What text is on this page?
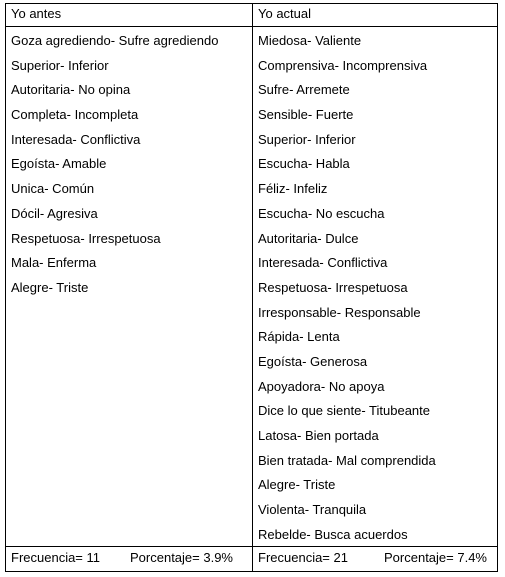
Yo antes	Yo actual
Goza agrediendo- Sufre agrediendo
Superior- Inferior
Autoritaria- No opina
Completa- Incompleta
Interesada- Conflictiva
Egoísta- Amable
Unica- Común
Dócil- Agresiva
Respetuosa- Irrespetuosa
Mala- Enferma
Alegre- Triste
Miedosa- Valiente
Comprensiva- Incomprensiva
Sufre- Arremete
Sensible- Fuerte
Superior- Inferior
Escucha- Habla
Féliz- Infeliz
Escucha- No escucha
Autoritaria- Dulce
Interesada- Conflictiva
Respetuosa- Irrespetuosa
Irresponsable- Responsable
Rápida- Lenta
Egoísta- Generosa
Apoyadora- No apoya
Dice lo que siente- Titubeante
Latosa- Bien portada
Bien tratada- Mal comprendida
Alegre- Triste
Violenta- Tranquila
Rebelde- Busca acuerdos
Frecuencia= 11 Porcentaje= 3.9% Frecuencia= 21	Porcentaje= 7.4%
